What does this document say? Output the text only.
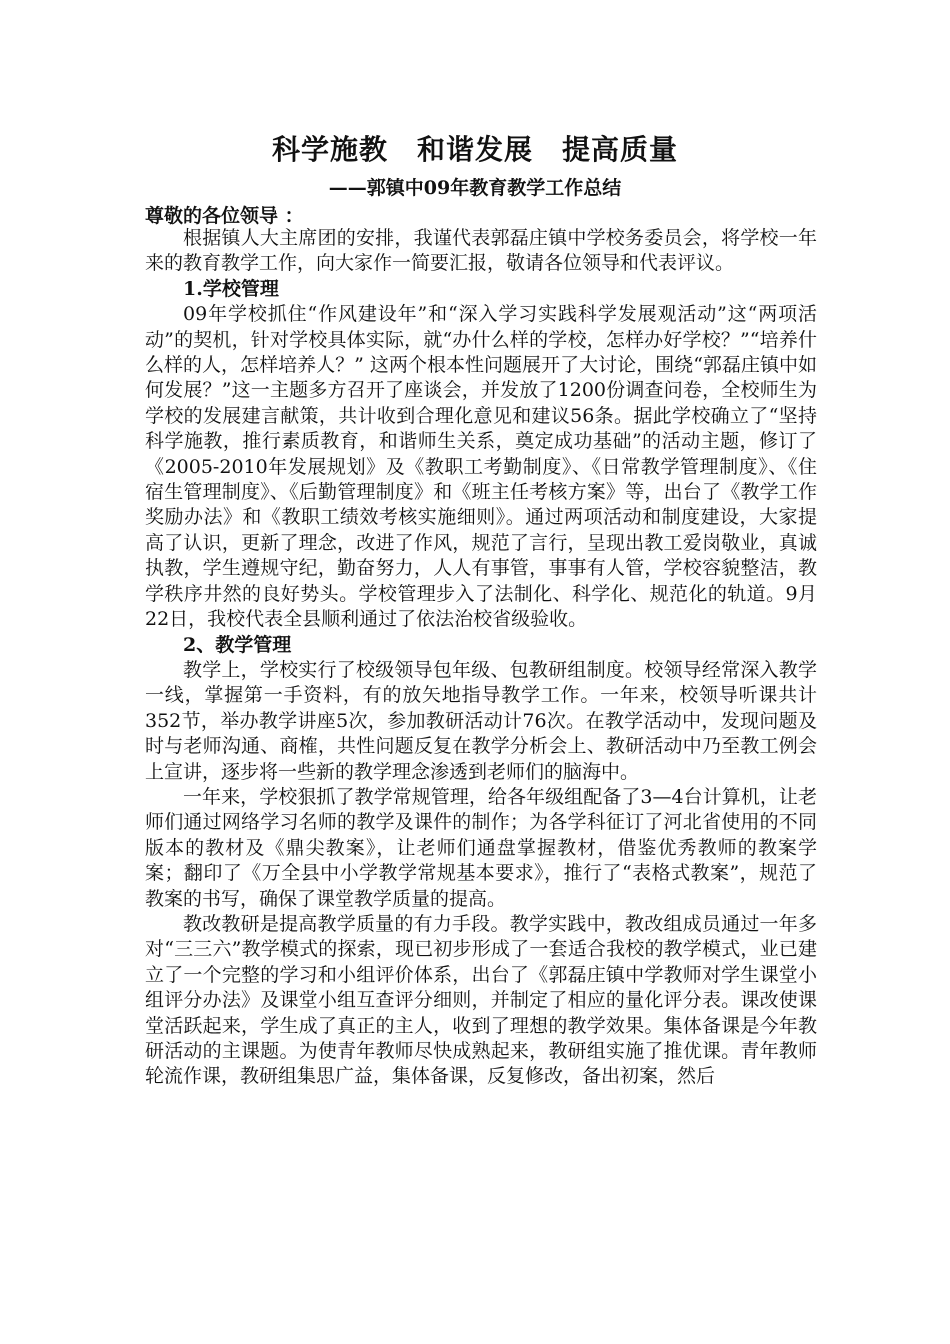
科学施教　和谐发展　提高质量
——郭镇中09年教育教学工作总结
尊敬的各位领导 ：

根据镇人大主席团的安排，我谨代表郭磊庄镇中学校务委员会，将学校一年来的教育教学工作，向大家作一简要汇报，敬请各位领导和代表评议。

1.学校管理

09年学校抓住“作风建设年”和“深入学习实践科学发展观活动”这“两项活动”的契机，针对学校具体实际，就“办什么样的学校，怎样办好学校？”“培养什么样的人，怎样培养人？” 这两个根本性问题展开了大讨论，围绕“郭磊庄镇中如何发展？”这一主题多方召开了座谈会，并发放了1200份调查问卷，全校师生为学校的发展建言献策，共计收到合理化意见和建议56条。据此学校确立了“坚持科学施教，推行素质教育，和谐师生关系，奠定成功基础”的活动主题，修订了《2005-2010年发展规划》及《教职工考勤制度》、《日常教学管理制度》、《住宿生管理制度》、《后勤管理制度》和《班主任考核方案》等，出台了《教学工作奖励办法》和《教职工绩效考核实施细则》。通过两项活动和制度建设，大家提高了认识，更新了理念，改进了作风，规范了言行，呈现出教工爱岗敬业，真诚执教，学生遵规守纪，勤奋努力，人人有事管，事事有人管，学校容貌整洁，教学秩序井然的良好势头。学校管理步入了法制化、科学化、规范化的轨道。9月22日，我校代表全县顺利通过了依法治校省级验收。

2、教学管理

教学上，学校实行了校级领导包年级、包教研组制度。校领导经常深入教学一线，掌握第一手资料，有的放矢地指导教学工作。一年来，校领导听课共计352节，举办教学讲座5次，参加教研活动计76次。在教学活动中，发现问题及时与老师沟通、商榷，共性问题反复在教学分析会上、教研活动中乃至教工例会上宣讲，逐步将一些新的教学理念渗透到老师们的脑海中。

一年来，学校狠抓了教学常规管理，给各年级组配备了3—4台计算机，让老师们通过网络学习名师的教学及课件的制作；为各学科征订了河北省使用的不同版本的教材及《鼎尖教案》，让老师们通盘掌握教材，借鉴优秀教师的教案学案；翻印了《万全县中小学教学常规基本要求》，推行了“表格式教案”，规范了教案的书写，确保了课堂教学质量的提高。

教改教研是提高教学质量的有力手段。教学实践中，教改组成员通过一年多对“三三六”教学模式的探索，现已初步形成了一套适合我校的教学模式，业已建立了一个完整的学习和小组评价体系，出台了《郭磊庄镇中学教师对学生课堂小组评分办法》及课堂小组互查评分细则，并制定了相应的量化评分表。课改使课堂活跃起来，学生成了真正的主人，收到了理想的教学效果。集体备课是今年教研活动的主课题。为使青年教师尽快成熟起来，教研组实施了推优课。青年教师轮流作课，教研组集思广益，集体备课，反复修改，备出初案，然后
